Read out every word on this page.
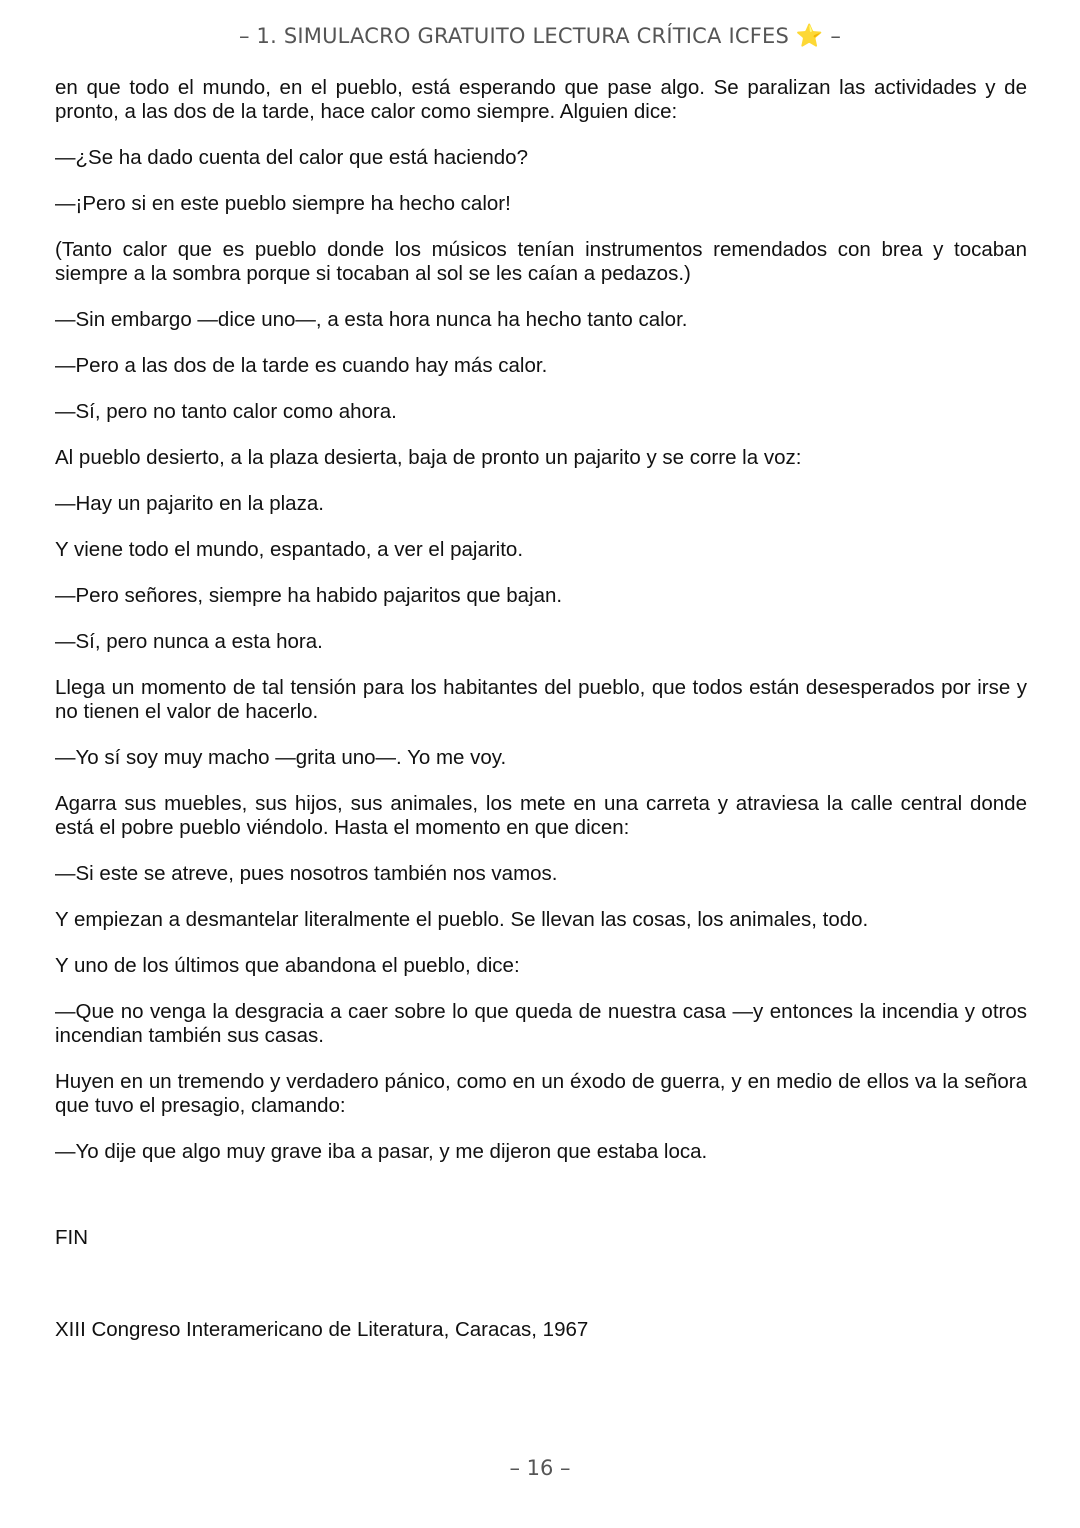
– 1. SIMULACRO GRATUITO LECTURA CRÍTICA ICFES ⭐ –

en que todo el mundo, en el pueblo, está esperando que pase algo. Se paralizan las actividades y de pronto, a las dos de la tarde, hace calor como siempre. Alguien dice:

—¿Se ha dado cuenta del calor que está haciendo?

—¡Pero si en este pueblo siempre ha hecho calor!

(Tanto calor que es pueblo donde los músicos tenían instrumentos remendados con brea y tocaban siempre a la sombra porque si tocaban al sol se les caían a pedazos.)

—Sin embargo —dice uno—, a esta hora nunca ha hecho tanto calor.

—Pero a las dos de la tarde es cuando hay más calor.

—Sí, pero no tanto calor como ahora.

Al pueblo desierto, a la plaza desierta, baja de pronto un pajarito y se corre la voz:

—Hay un pajarito en la plaza.

Y viene todo el mundo, espantado, a ver el pajarito.

—Pero señores, siempre ha habido pajaritos que bajan.

—Sí, pero nunca a esta hora.

Llega un momento de tal tensión para los habitantes del pueblo, que todos están desesperados por irse y no tienen el valor de hacerlo.

—Yo sí soy muy macho —grita uno—. Yo me voy.

Agarra sus muebles, sus hijos, sus animales, los mete en una carreta y atraviesa la calle central donde está el pobre pueblo viéndolo. Hasta el momento en que dicen:

—Si este se atreve, pues nosotros también nos vamos.

Y empiezan a desmantelar literalmente el pueblo. Se llevan las cosas, los animales, todo.

Y uno de los últimos que abandona el pueblo, dice:

—Que no venga la desgracia a caer sobre lo que queda de nuestra casa —y entonces la incendia y otros incendian también sus casas.

Huyen en un tremendo y verdadero pánico, como en un éxodo de guerra, y en medio de ellos va la señora que tuvo el presagio, clamando:

—Yo dije que algo muy grave iba a pasar, y me dijeron que estaba loca.

FIN
XIII Congreso Interamericano de Literatura, Caracas, 1967
– 16 –
